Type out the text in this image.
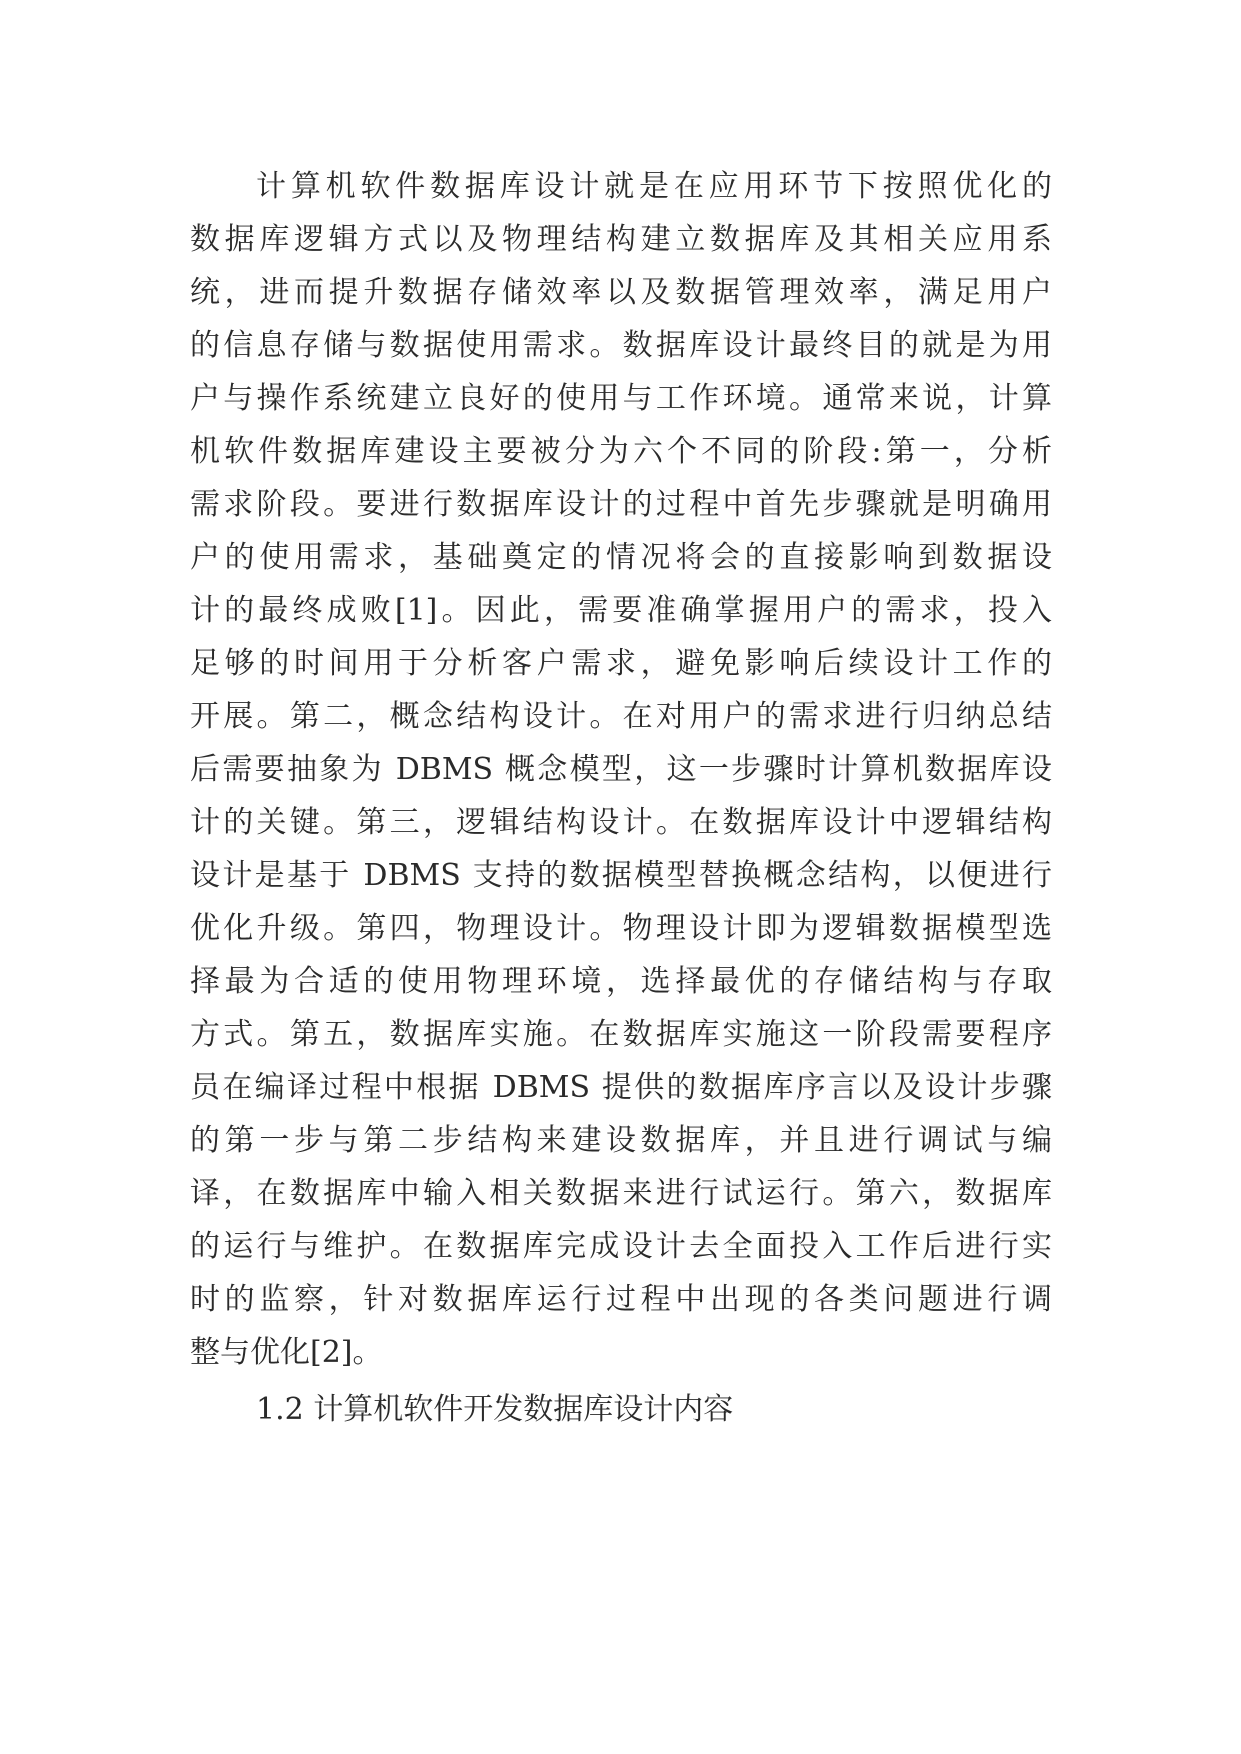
计算机软件数据库设计就是在应用环节下按照优化的
数据库逻辑方式以及物理结构建立数据库及其相关应用系
统，进而提升数据存储效率以及数据管理效率，满足用户
的信息存储与数据使用需求。数据库设计最终目的就是为用
户与操作系统建立良好的使用与工作环境。通常来说，计算
机软件数据库建设主要被分为六个不同的阶段:第一，分析
需求阶段。要进行数据库设计的过程中首先步骤就是明确用
户的使用需求，基础奠定的情况将会的直接影响到数据设
计的最终成败[1]。因此，需要准确掌握用户的需求，投入
足够的时间用于分析客户需求，避免影响后续设计工作的
开展。第二，概念结构设计。在对用户的需求进行归纳总结
后需要抽象为 DBMS 概念模型，这一步骤时计算机数据库设
计的关键。第三，逻辑结构设计。在数据库设计中逻辑结构
设计是基于 DBMS 支持的数据模型替换概念结构，以便进行
优化升级。第四，物理设计。物理设计即为逻辑数据模型选
择最为合适的使用物理环境，选择最优的存储结构与存取
方式。第五，数据库实施。在数据库实施这一阶段需要程序
员在编译过程中根据 DBMS 提供的数据库序言以及设计步骤
的第一步与第二步结构来建设数据库，并且进行调试与编
译，在数据库中输入相关数据来进行试运行。第六，数据库
的运行与维护。在数据库完成设计去全面投入工作后进行实
时的监察，针对数据库运行过程中出现的各类问题进行调
整与优化[2]。
1.2 计算机软件开发数据库设计内容
